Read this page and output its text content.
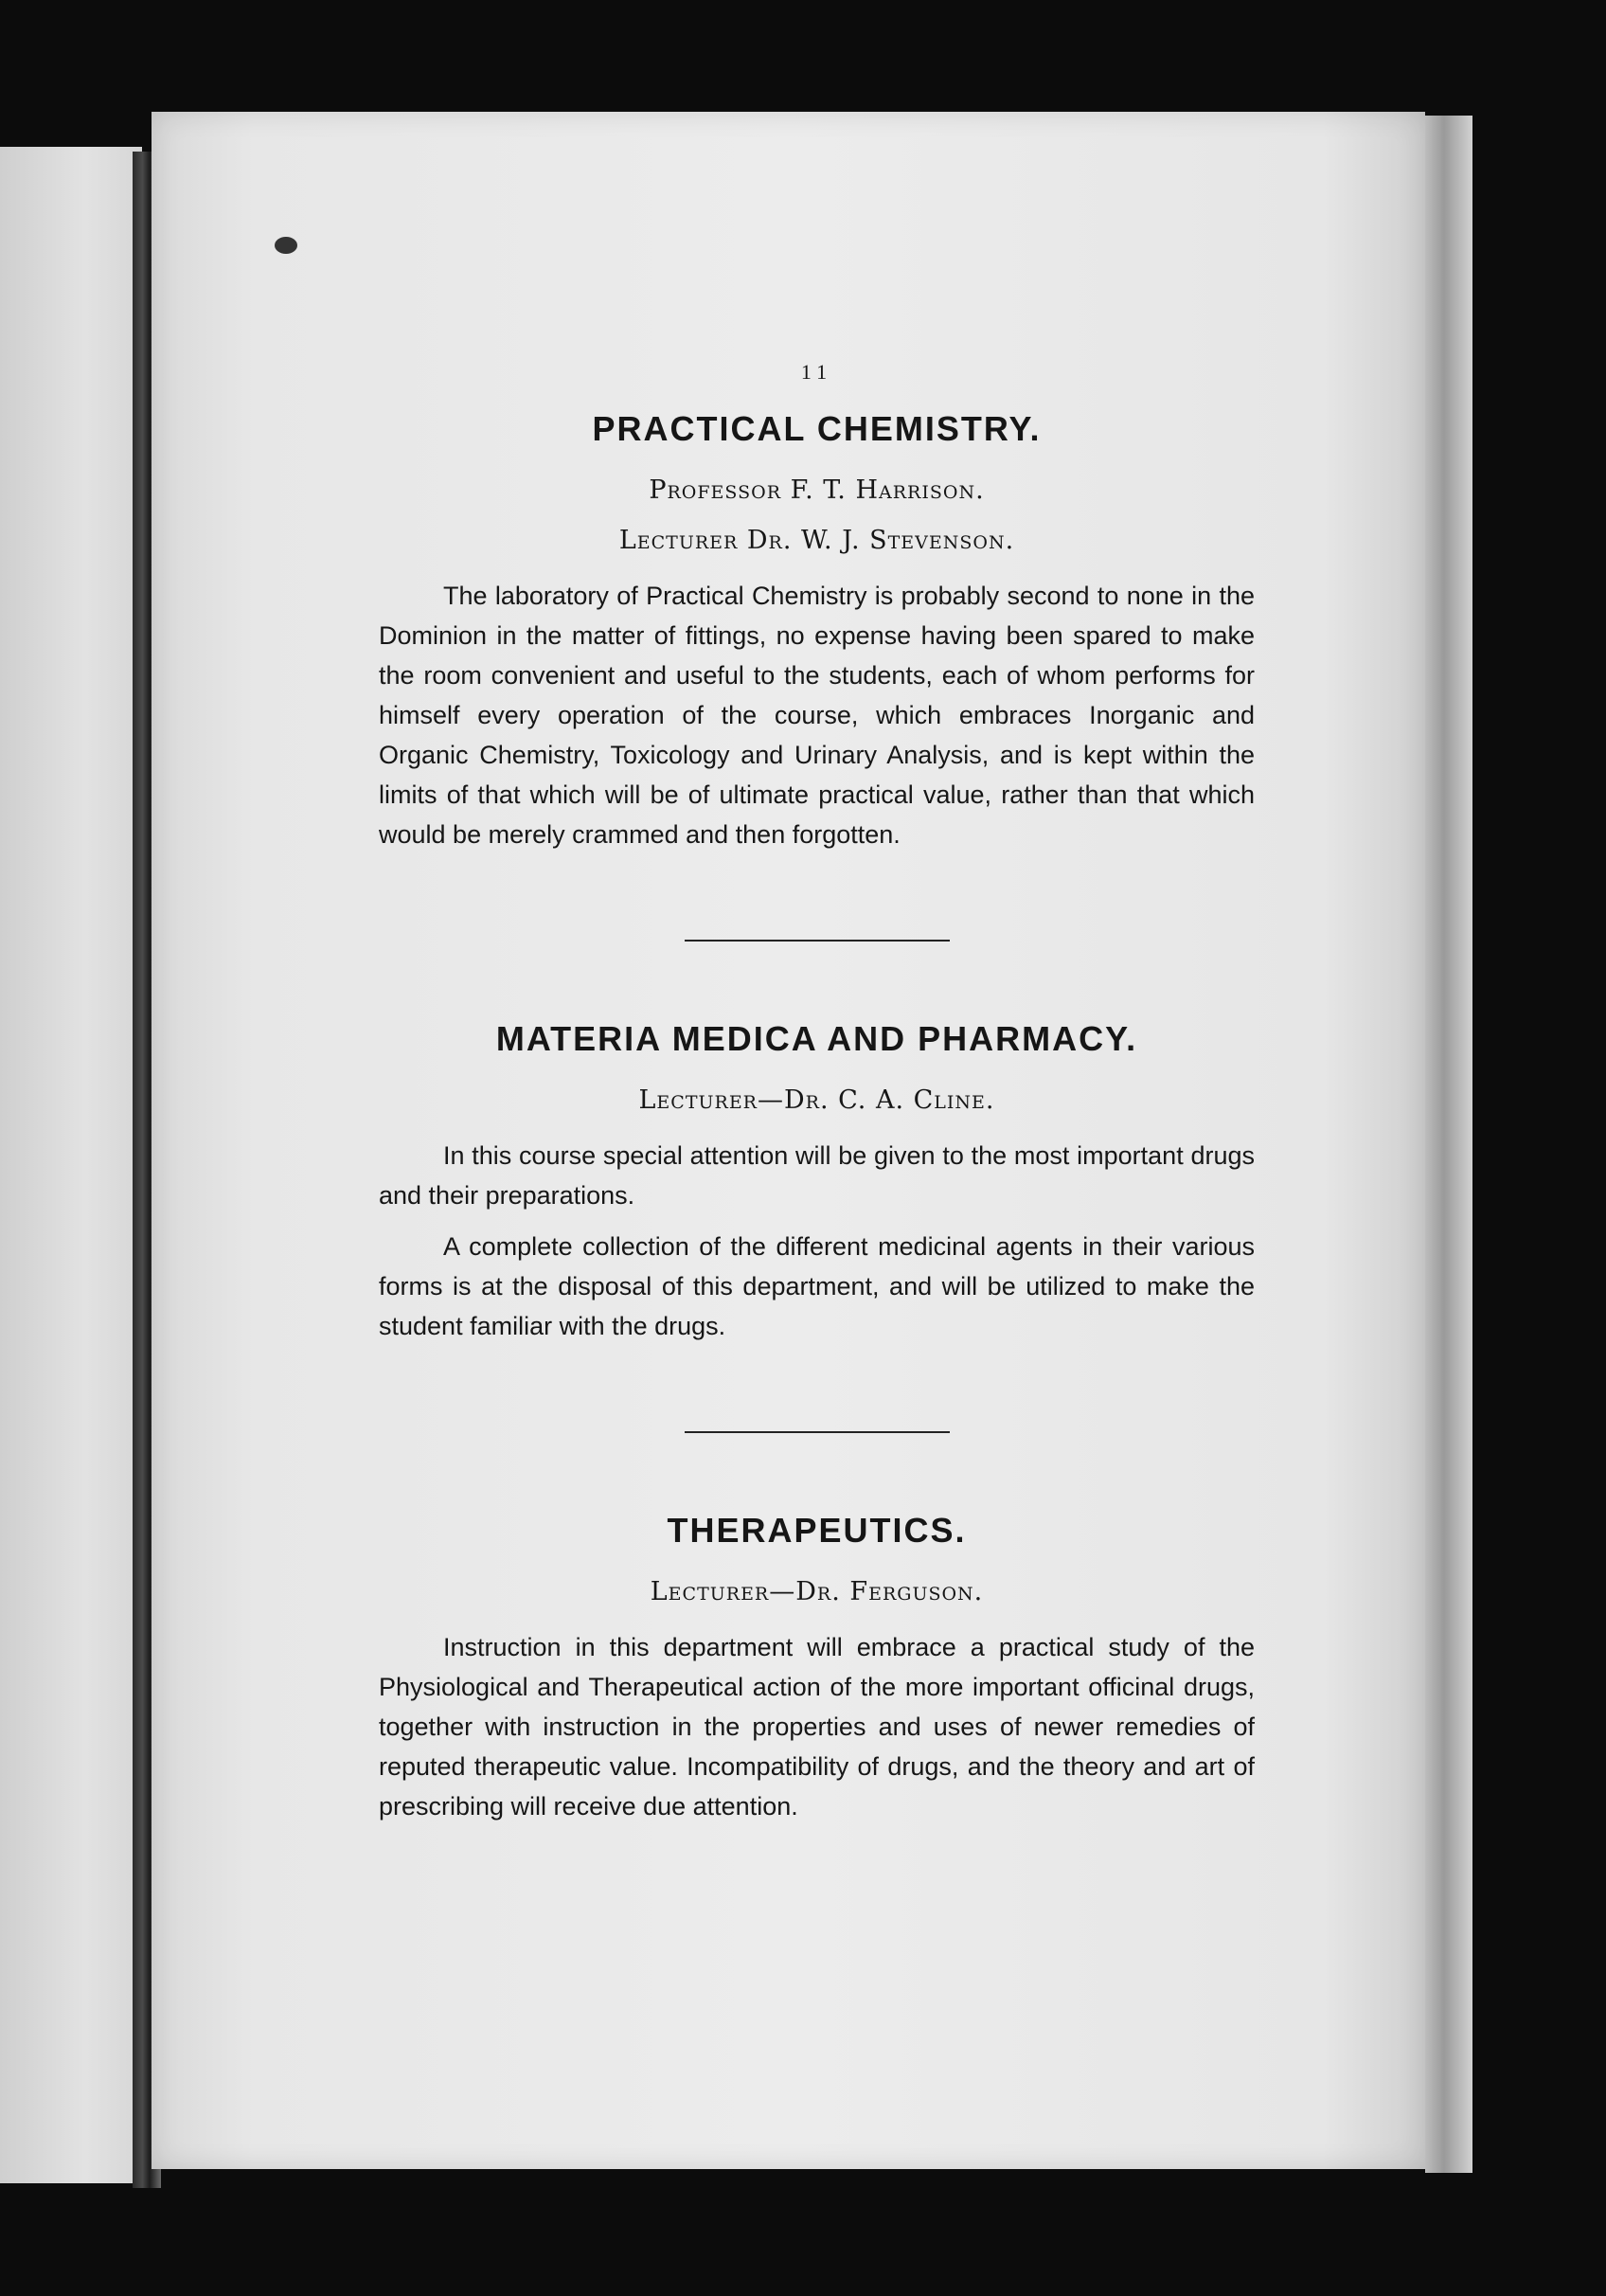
11
PRACTICAL CHEMISTRY.
Professor F. T. Harrison.
Lecturer Dr. W. J. Stevenson.

The laboratory of Practical Chemistry is probably second to none in the Dominion in the matter of fittings, no expense having been spared to make the room convenient and useful to the students, each of whom performs for himself every operation of the course, which embraces Inorganic and Organic Chemistry, Toxicology and Urinary Analysis, and is kept within the limits of that which will be of ultimate practical value, rather than that which would be merely crammed and then forgotten.

MATERIA MEDICA AND PHARMACY.
Lecturer—Dr. C. A. Cline.

In this course special attention will be given to the most important drugs and their preparations.

A complete collection of the different medicinal agents in their various forms is at the disposal of this department, and will be utilized to make the student familiar with the drugs.

THERAPEUTICS.
Lecturer—Dr. Ferguson.

Instruction in this department will embrace a practical study of the Physiological and Therapeutical action of the more important officinal drugs, together with instruction in the properties and uses of newer remedies of reputed therapeutic value. Incompatibility of drugs, and the theory and art of prescribing will receive due attention.
